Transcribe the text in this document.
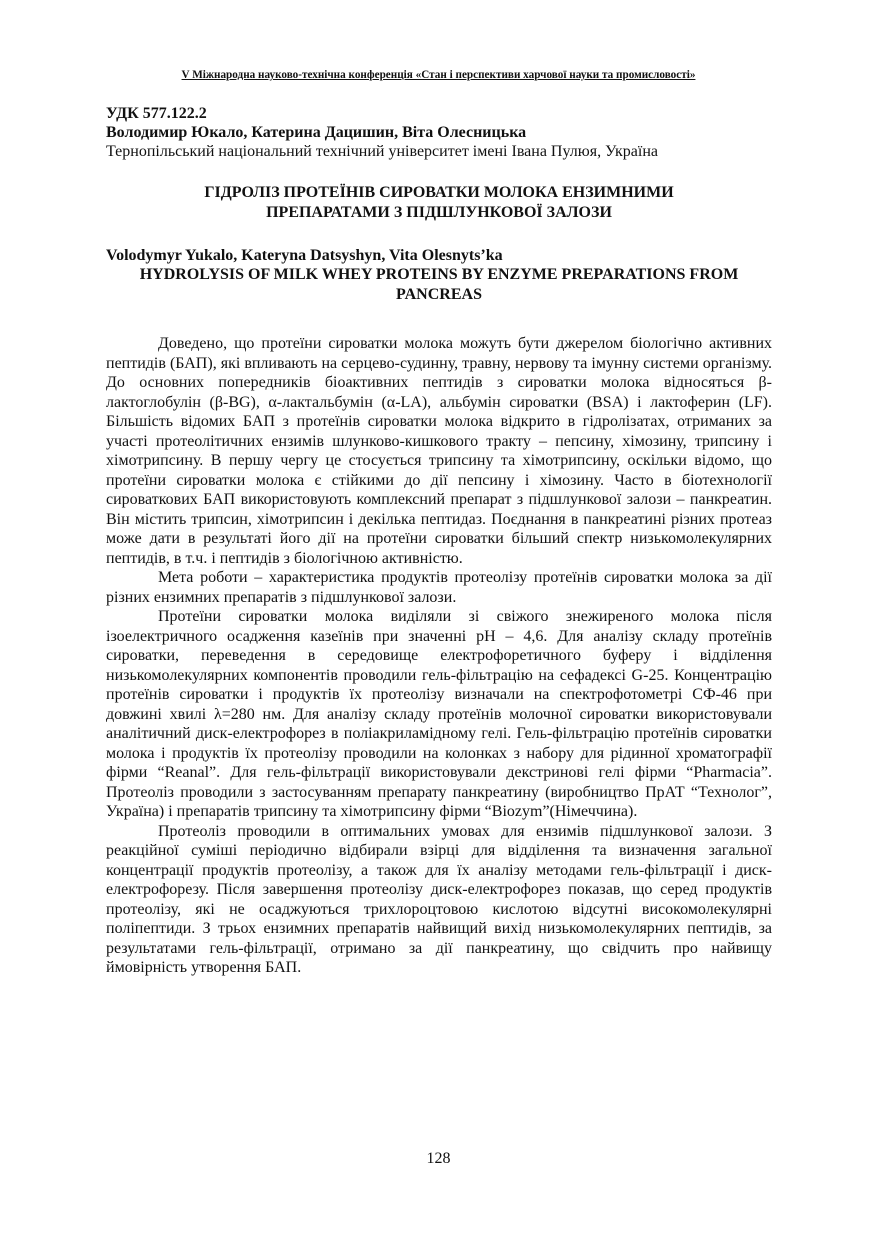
V Міжнародна науково-технічна конференція «Стан і перспективи харчової науки та промисловості»

УДК 577.122.2

Володимир Юкало, Катерина Дацишин, Віта Олесницька

Тернопільський національний технічний університет імені Івана Пулюя, Україна

ГІДРОЛІЗ ПРОТЕЇНІВ СИРОВАТКИ МОЛОКА ЕНЗИМНИМИ
ПРЕПАРАТАМИ З ПІДШЛУНКОВОЇ ЗАЛОЗИ

Volodymyr Yukalo, Kateryna Datsyshyn, Vita Olesnyts’ka

HYDROLYSIS OF MILK WHEY PROTEINS BY ENZYME PREPARATIONS FROM
PANCREAS

Доведено, що протеїни сироватки молока можуть бути джерелом біологічно активних пептидів (БАП), які впливають на серцево-судинну, травну, нервову та імунну системи організму. До основних попередників біоактивних пептидів з сироватки молока відносяться β-лактоглобулін (β-BG), α-лактальбумін (α-LA), альбумін сироватки (BSA) і лактоферин (LF). Більшість відомих БАП з протеїнів сироватки молока відкрито в гідролізатах, отриманих за участі протеолітичних ензимів шлунково-кишкового тракту – пепсину, хімозину, трипсину і хімотрипсину. В першу чергу це стосується трипсину та хімотрипсину, оскільки відомо, що протеїни сироватки молока є стійкими до дії пепсину і хімозину. Часто в біотехнології сироваткових БАП використовують комплексний препарат з підшлункової залози – панкреатин. Він містить трипсин, хімотрипсин і декілька пептидаз. Поєднання в панкреатині різних протеаз може дати в результаті його дії на протеїни сироватки більший спектр низькомолекулярних пептидів, в т.ч. і пептидів з біологічною активністю.

Мета роботи – характеристика продуктів протеолізу протеїнів сироватки молока за дії різних ензимних препаратів з підшлункової залози.

Протеїни сироватки молока виділяли зі свіжого знежиреного молока після ізоелектричного осадження казеїнів при значенні рН – 4,6. Для аналізу складу протеїнів сироватки, переведення в середовище електрофоретичного буферу і відділення низькомолекулярних компонентів проводили гель-фільтрацію на сефадексі G-25. Концентрацію протеїнів сироватки і продуктів їх протеолізу визначали на спектрофотометрі СФ-46 при довжині хвилі λ=280 нм. Для аналізу складу протеїнів молочної сироватки використовували аналітичний диск-електрофорез в поліакриламідному гелі. Гель-фільтрацію протеїнів сироватки молока і продуктів їх протеолізу проводили на колонках з набору для рідинної хроматографії фірми “Reanal”. Для гель-фільтрації використовували декстринові гелі фірми “Pharmacia”. Протеоліз проводили з застосуванням препарату панкреатину (виробництво ПрАТ “Технолог”, Україна) і препаратів трипсину та хімотрипсину фірми “Biozym”(Німеччина).

Протеоліз проводили в оптимальних умовах для ензимів підшлункової залози. З реакційної суміші періодично відбирали взірці для відділення та визначення загальної концентрації продуктів протеолізу, а також для їх аналізу методами гель-фільтрації і диск-електрофорезу. Після завершення протеолізу диск-електрофорез показав, що серед продуктів протеолізу, які не осаджуються трихлороцтовою кислотою відсутні високомолекулярні поліпептиди. З трьох ензимних препаратів найвищий вихід низькомолекулярних пептидів, за результатами гель-фільтрації, отримано за дії панкреатину, що свідчить про найвищу ймовірність утворення БАП.

128
